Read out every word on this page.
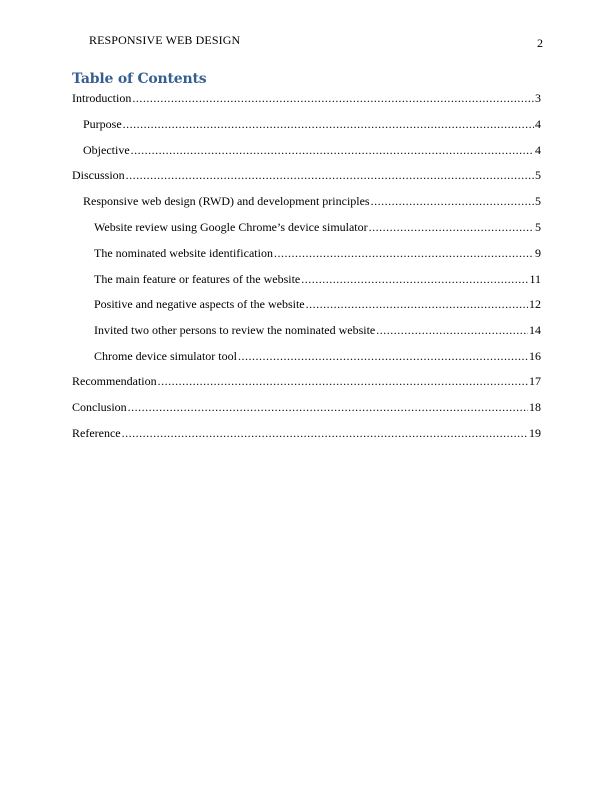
RESPONSIVE WEB DESIGN	2
Table of Contents
Introduction .....	3
Purpose .....	4
Objective .....	4
Discussion .....	5
Responsive web design (RWD) and development principles .....	5
Website review using Google Chrome’s device simulator .....	5
The nominated website identification .....	9
The main feature or features of the website .....	11
Positive and negative aspects of the website .....	12
Invited two other persons to review the nominated website .....	14
Chrome device simulator tool .....	16
Recommendation .....	17
Conclusion .....	18
Reference .....	19
